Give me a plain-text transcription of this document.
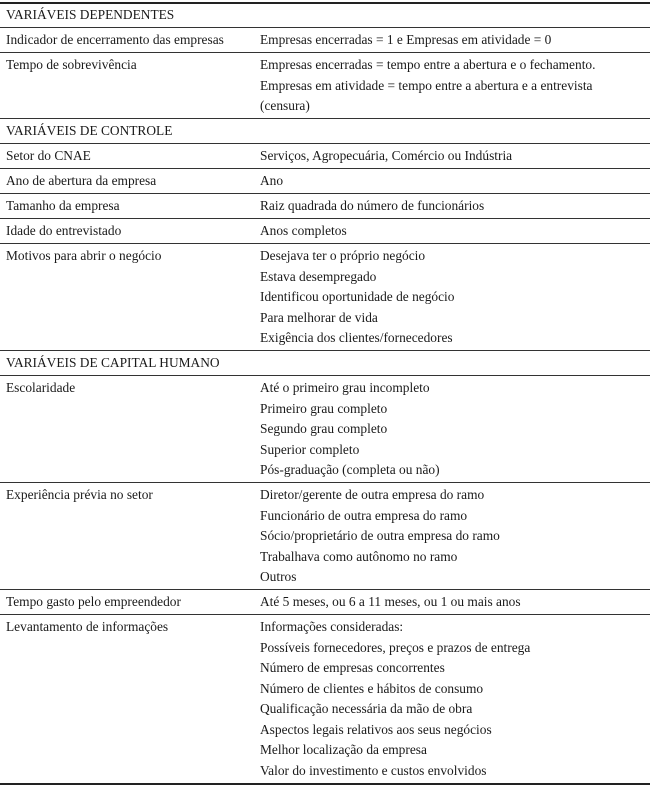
VARIÁVEIS DEPENDENTES
Indicador de encerramento das empresas	Empresas encerradas = 1 e Empresas em atividade = 0
Tempo de sobrevivência	Empresas encerradas = tempo entre a abertura e o fechamento.
Empresas em atividade = tempo entre a abertura e a entrevista
(censura)
VARIÁVEIS DE CONTROLE
Setor do CNAE	Serviços, Agropecuária, Comércio ou Indústria
Ano de abertura da empresa	Ano
Tamanho da empresa	Raiz quadrada do número de funcionários
Idade do entrevistado	Anos completos
Motivos para abrir o negócio	Desejava ter o próprio negócio
Estava desempregado
Identificou oportunidade de negócio
Para melhorar de vida
Exigência dos clientes/fornecedores
VARIÁVEIS DE CAPITAL HUMANO
Escolaridade	Até o primeiro grau incompleto
Primeiro grau completo
Segundo grau completo
Superior completo
Pós-graduação (completa ou não)
Experiência prévia no setor	Diretor/gerente de outra empresa do ramo
Funcionário de outra empresa do ramo
Sócio/proprietário de outra empresa do ramo
Trabalhava como autônomo no ramo
Outros
Tempo gasto pelo empreendedor	Até 5 meses, ou 6 a 11 meses, ou 1 ou mais anos
Levantamento de informações	Informações consideradas:
Possíveis fornecedores, preços e prazos de entrega
Número de empresas concorrentes
Número de clientes e hábitos de consumo
Qualificação necessária da mão de obra
Aspectos legais relativos aos seus negócios
Melhor localização da empresa
Valor do investimento e custos envolvidos
